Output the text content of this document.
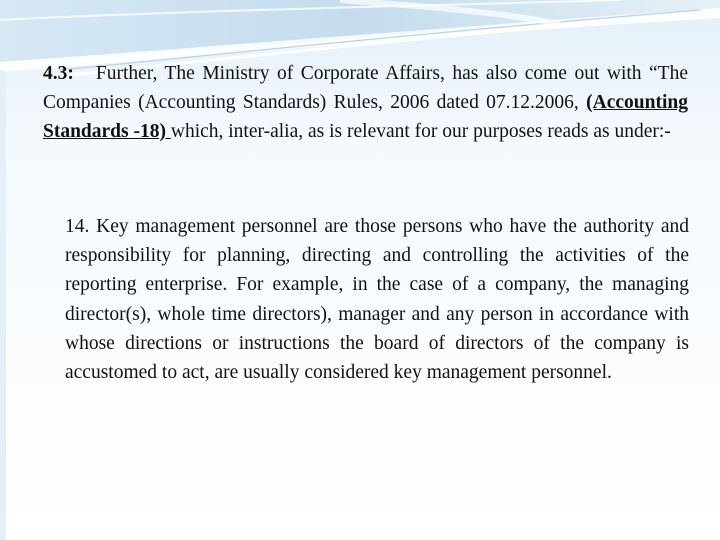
4.3: Further, The Ministry of Corporate Affairs, has also come out with “The Companies (Accounting Standards) Rules, 2006 dated 07.12.2006, (Accounting Standards -18) which, inter-alia, as is relevant for our purposes reads as under:-

14. Key management personnel are those persons who have the authority and responsibility for planning, directing and controlling the activities of the reporting enterprise. For example, in the case of a company, the managing director(s), whole time directors), manager and any person in accordance with whose directions or instructions the board of directors of the company is accustomed to act, are usually considered key management personnel.
